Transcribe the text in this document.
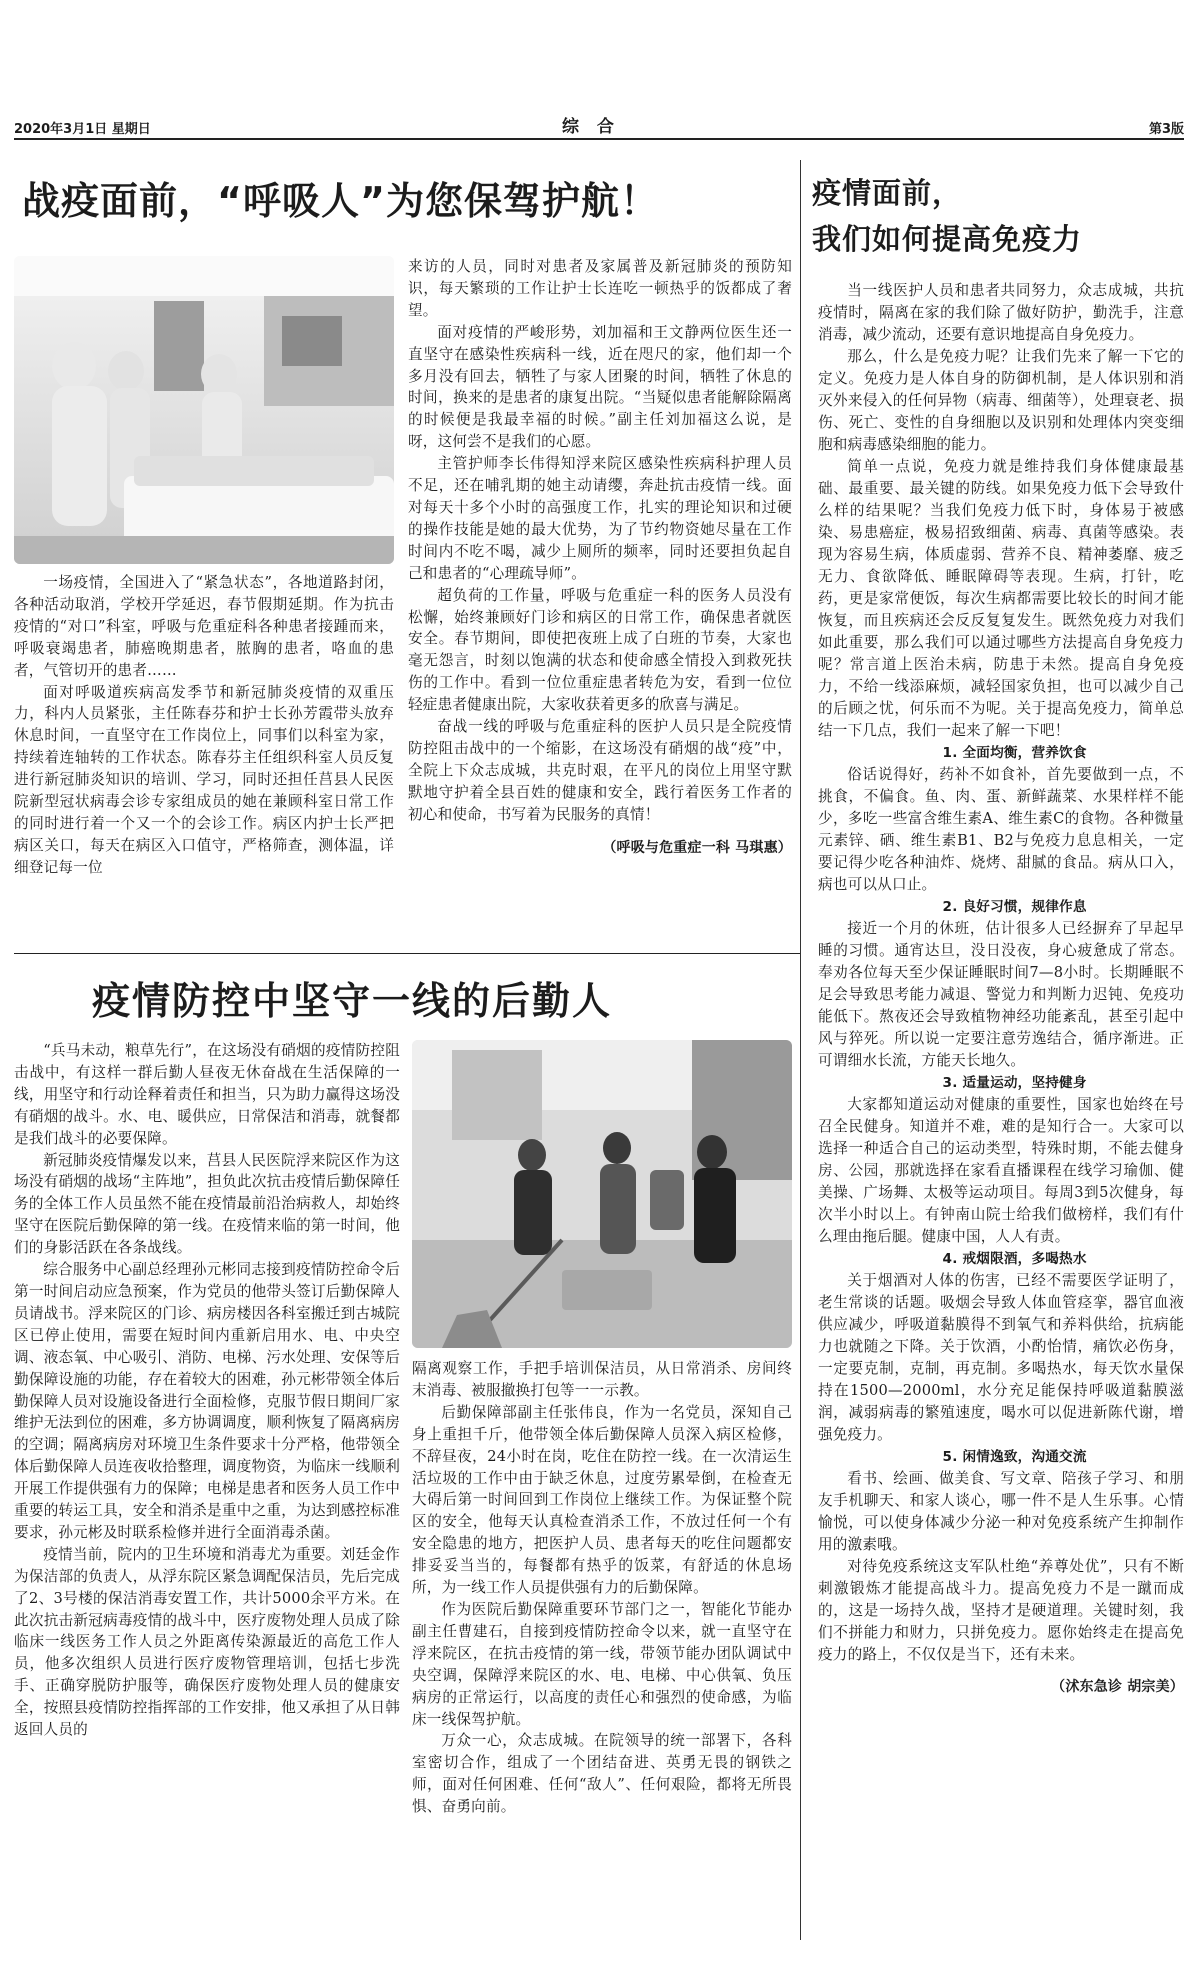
2020年3月1日 星期日	综 合	第3版
战疫面前，“呼吸人”为您保驾护航！

一场疫情，全国进入了“紧急状态”，各地道路封闭，各种活动取消，学校开学延迟，春节假期延期。作为抗击疫情的“对口”科室，呼吸与危重症科各种患者接踵而来，呼吸衰竭患者，肺癌晚期患者，脓胸的患者，咯血的患者，气管切开的患者……

面对呼吸道疾病高发季节和新冠肺炎疫情的双重压力，科内人员紧张，主任陈春芬和护士长孙芳霞带头放弃休息时间，一直坚守在工作岗位上，同事们以科室为家，持续着连轴转的工作状态。陈春芬主任组织科室人员反复进行新冠肺炎知识的培训、学习，同时还担任莒县人民医院新型冠状病毒会诊专家组成员的她在兼顾科室日常工作的同时进行着一个又一个的会诊工作。病区内护士长严把病区关口，每天在病区入口值守，严格筛查，测体温，详细登记每一位

来访的人员，同时对患者及家属普及新冠肺炎的预防知识，每天繁琐的工作让护士长连吃一顿热乎的饭都成了奢望。

面对疫情的严峻形势，刘加福和王文静两位医生还一直坚守在感染性疾病科一线，近在咫尺的家，他们却一个多月没有回去，牺牲了与家人团聚的时间，牺牲了休息的时间，换来的是患者的康复出院。“当疑似患者能解除隔离的时候便是我最幸福的时候。”副主任刘加福这么说，是呀，这何尝不是我们的心愿。

主管护师李长伟得知浮来院区感染性疾病科护理人员不足，还在哺乳期的她主动请缨，奔赴抗击疫情一线。面对每天十多个小时的高强度工作，扎实的理论知识和过硬的操作技能是她的最大优势，为了节约物资她尽量在工作时间内不吃不喝，减少上厕所的频率，同时还要担负起自己和患者的“心理疏导师”。

超负荷的工作量，呼吸与危重症一科的医务人员没有松懈，始终兼顾好门诊和病区的日常工作，确保患者就医安全。春节期间，即使把夜班上成了白班的节奏，大家也毫无怨言，时刻以饱满的状态和使命感全情投入到救死扶伤的工作中。看到一位位重症患者转危为安，看到一位位轻症患者健康出院，大家收获着更多的欣喜与满足。

奋战一线的呼吸与危重症科的医护人员只是全院疫情防控阻击战中的一个缩影，在这场没有硝烟的战“疫”中，全院上下众志成城，共克时艰，在平凡的岗位上用坚守默默地守护着全县百姓的健康和安全，践行着医务工作者的初心和使命，书写着为民服务的真情！

（呼吸与危重症一科 马琪惠）

疫情防控中坚守一线的后勤人

“兵马未动，粮草先行”，在这场没有硝烟的疫情防控阻击战中，有这样一群后勤人昼夜无休奋战在生活保障的一线，用坚守和行动诠释着责任和担当，只为助力赢得这场没有硝烟的战斗。水、电、暖供应，日常保洁和消毒，就餐都是我们战斗的必要保障。

新冠肺炎疫情爆发以来，莒县人民医院浮来院区作为这场没有硝烟的战场“主阵地”，担负此次抗击疫情后勤保障任务的全体工作人员虽然不能在疫情最前沿治病救人，却始终坚守在医院后勤保障的第一线。在疫情来临的第一时间，他们的身影活跃在各条战线。

综合服务中心副总经理孙元彬同志接到疫情防控命令后第一时间启动应急预案，作为党员的他带头签订后勤保障人员请战书。浮来院区的门诊、病房楼因各科室搬迁到古城院区已停止使用，需要在短时间内重新启用水、电、中央空调、液态氧、中心吸引、消防、电梯、污水处理、安保等后勤保障设施的功能，存在着较大的困难，孙元彬带领全体后勤保障人员对设施设备进行全面检修，克服节假日期间厂家维护无法到位的困难，多方协调调度，顺利恢复了隔离病房的空调；隔离病房对环境卫生条件要求十分严格，他带领全体后勤保障人员连夜收拾整理，调度物资，为临床一线顺利开展工作提供强有力的保障；电梯是患者和医务人员工作中重要的转运工具，安全和消杀是重中之重，为达到感控标准要求，孙元彬及时联系检修并进行全面消毒杀菌。

疫情当前，院内的卫生环境和消毒尤为重要。刘廷金作为保洁部的负责人，从浮东院区紧急调配保洁员，先后完成了2、3号楼的保洁消毒安置工作，共计5000余平方米。在此次抗击新冠病毒疫情的战斗中，医疗废物处理人员成了除临床一线医务工作人员之外距离传染源最近的高危工作人员，他多次组织人员进行医疗废物管理培训，包括七步洗手、正确穿脱防护服等，确保医疗废物处理人员的健康安全，按照县疫情防控指挥部的工作安排，他又承担了从日韩返回人员的

隔离观察工作，手把手培训保洁员，从日常消杀、房间终末消毒、被服撤换打包等一一示教。

后勤保障部副主任张伟良，作为一名党员，深知自己身上重担千斤，他带领全体后勤保障人员深入病区检修，不辞昼夜，24小时在岗，吃住在防控一线。在一次清运生活垃圾的工作中由于缺乏休息，过度劳累晕倒，在检查无大碍后第一时间回到工作岗位上继续工作。为保证整个院区的安全，他每天认真检查消杀工作，不放过任何一个有安全隐患的地方，把医护人员、患者每天的吃住问题都安排妥妥当当的，每餐都有热乎的饭菜，有舒适的休息场所，为一线工作人员提供强有力的后勤保障。

作为医院后勤保障重要环节部门之一，智能化节能办副主任曹建石，自接到疫情防控命令以来，就一直坚守在浮来院区，在抗击疫情的第一线，带领节能办团队调试中央空调，保障浮来院区的水、电、电梯、中心供氧、负压病房的正常运行，以高度的责任心和强烈的使命感，为临床一线保驾护航。

万众一心，众志成城。在院领导的统一部署下，各科室密切合作，组成了一个团结奋进、英勇无畏的钢铁之师，面对任何困难、任何“敌人”、任何艰险，都将无所畏惧、奋勇向前。

疫情面前，
我们如何提高免疫力

当一线医护人员和患者共同努力，众志成城，共抗疫情时，隔离在家的我们除了做好防护，勤洗手，注意消毒，减少流动，还要有意识地提高自身免疫力。

那么，什么是免疫力呢？让我们先来了解一下它的定义。免疫力是人体自身的防御机制，是人体识别和消灭外来侵入的任何异物（病毒、细菌等），处理衰老、损伤、死亡、变性的自身细胞以及识别和处理体内突变细胞和病毒感染细胞的能力。

简单一点说，免疫力就是维持我们身体健康最基础、最重要、最关键的防线。如果免疫力低下会导致什么样的结果呢？当我们免疫力低下时，身体易于被感染、易患癌症，极易招致细菌、病毒、真菌等感染。表现为容易生病，体质虚弱、营养不良、精神萎靡、疲乏无力、食欲降低、睡眠障碍等表现。生病，打针，吃药，更是家常便饭，每次生病都需要比较长的时间才能恢复，而且疾病还会反反复复发生。既然免疫力对我们如此重要，那么我们可以通过哪些方法提高自身免疫力呢？常言道上医治未病，防患于未然。提高自身免疫力，不给一线添麻烦，减轻国家负担，也可以减少自己的后顾之忧，何乐而不为呢。关于提高免疫力，简单总结一下几点，我们一起来了解一下吧！

1. 全面均衡，营养饮食

俗话说得好，药补不如食补，首先要做到一点，不挑食，不偏食。鱼、肉、蛋、新鲜蔬菜、水果样样不能少，多吃一些富含维生素A、维生素C的食物。各种微量元素锌、硒、维生素B1、B2与免疫力息息相关，一定要记得少吃各种油炸、烧烤、甜腻的食品。病从口入，病也可以从口止。

2. 良好习惯，规律作息

接近一个月的休班，估计很多人已经摒弃了早起早睡的习惯。通宵达旦，没日没夜，身心疲惫成了常态。奉劝各位每天至少保证睡眠时间7—8小时。长期睡眠不足会导致思考能力减退、警觉力和判断力迟钝、免疫功能低下。熬夜还会导致植物神经功能紊乱，甚至引起中风与猝死。所以说一定要注意劳逸结合，循序渐进。正可谓细水长流，方能天长地久。

3. 适量运动，坚持健身

大家都知道运动对健康的重要性，国家也始终在号召全民健身。知道并不难，难的是知行合一。大家可以选择一种适合自己的运动类型，特殊时期，不能去健身房、公园，那就选择在家看直播课程在线学习瑜伽、健美操、广场舞、太极等运动项目。每周3到5次健身，每次半小时以上。有钟南山院士给我们做榜样，我们有什么理由拖后腿。健康中国，人人有责。

4. 戒烟限酒，多喝热水

关于烟酒对人体的伤害，已经不需要医学证明了，老生常谈的话题。吸烟会导致人体血管痉挛，器官血液供应减少，呼吸道黏膜得不到氧气和养料供给，抗病能力也就随之下降。关于饮酒，小酌怡情，痛饮必伤身，一定要克制，克制，再克制。多喝热水，每天饮水量保持在1500—2000ml，水分充足能保持呼吸道黏膜滋润，减弱病毒的繁殖速度，喝水可以促进新陈代谢，增强免疫力。

5. 闲情逸致，沟通交流

看书、绘画、做美食、写文章、陪孩子学习、和朋友手机聊天、和家人谈心，哪一件不是人生乐事。心情愉悦，可以使身体减少分泌一种对免疫系统产生抑制作用的激素哦。

对待免疫系统这支军队杜绝“养尊处优”，只有不断刺激锻炼才能提高战斗力。提高免疫力不是一蹴而成的，这是一场持久战，坚持才是硬道理。关键时刻，我们不拼能力和财力，只拼免疫力。愿你始终走在提高免疫力的路上，不仅仅是当下，还有未来。

（沭东急诊 胡宗美）
